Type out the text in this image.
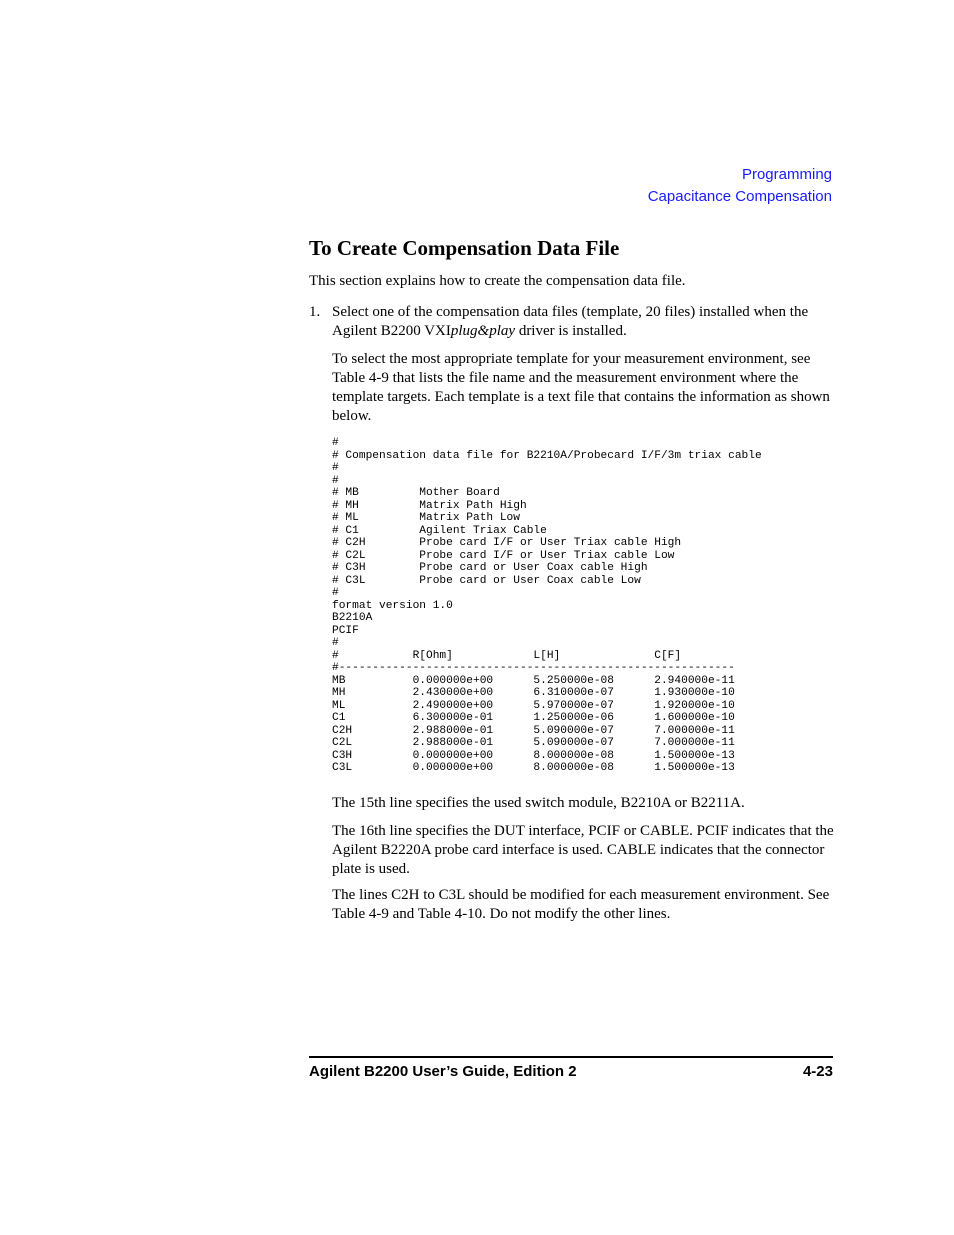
Programming
Capacitance Compensation
To Create Compensation Data File

This section explains how to create the compensation data file.

1. Select one of the compensation data files (template, 20 files) installed when the Agilent B2200 VXIplug&play driver is installed.

To select the most appropriate template for your measurement environment, see Table 4-9 that lists the file name and the measurement environment where the template targets. Each template is a text file that contains the information as shown below.

#
# Compensation data file for B2210A/Probecard I/F/3m triax cable
#
#
# MB         Mother Board
# MH         Matrix Path High
# ML         Matrix Path Low
# C1         Agilent Triax Cable
# C2H        Probe card I/F or User Triax cable High
# C2L        Probe card I/F or User Triax cable Low
# C3H        Probe card or User Coax cable High
# C3L        Probe card or User Coax cable Low
#
format version 1.0
B2210A
PCIF
#
#           R[Ohm]            L[H]              C[F]
#-----------------------------------------------------------
MB          0.000000e+00      5.250000e-08      2.940000e-11
MH          2.430000e+00      6.310000e-07      1.930000e-10
ML          2.490000e+00      5.970000e-07      1.920000e-10
C1          6.300000e-01      1.250000e-06      1.600000e-10
C2H         2.988000e-01      5.090000e-07      7.000000e-11
C2L         2.988000e-01      5.090000e-07      7.000000e-11
C3H         0.000000e+00      8.000000e-08      1.500000e-13
C3L         0.000000e+00      8.000000e-08      1.500000e-13

The 15th line specifies the used switch module, B2210A or B2211A.

The 16th line specifies the DUT interface, PCIF or CABLE. PCIF indicates that the Agilent B2220A probe card interface is used. CABLE indicates that the connector plate is used.

The lines C2H to C3L should be modified for each measurement environment. See Table 4-9 and Table 4-10. Do not modify the other lines.

Agilent B2200 User’s Guide, Edition 2	4-23
